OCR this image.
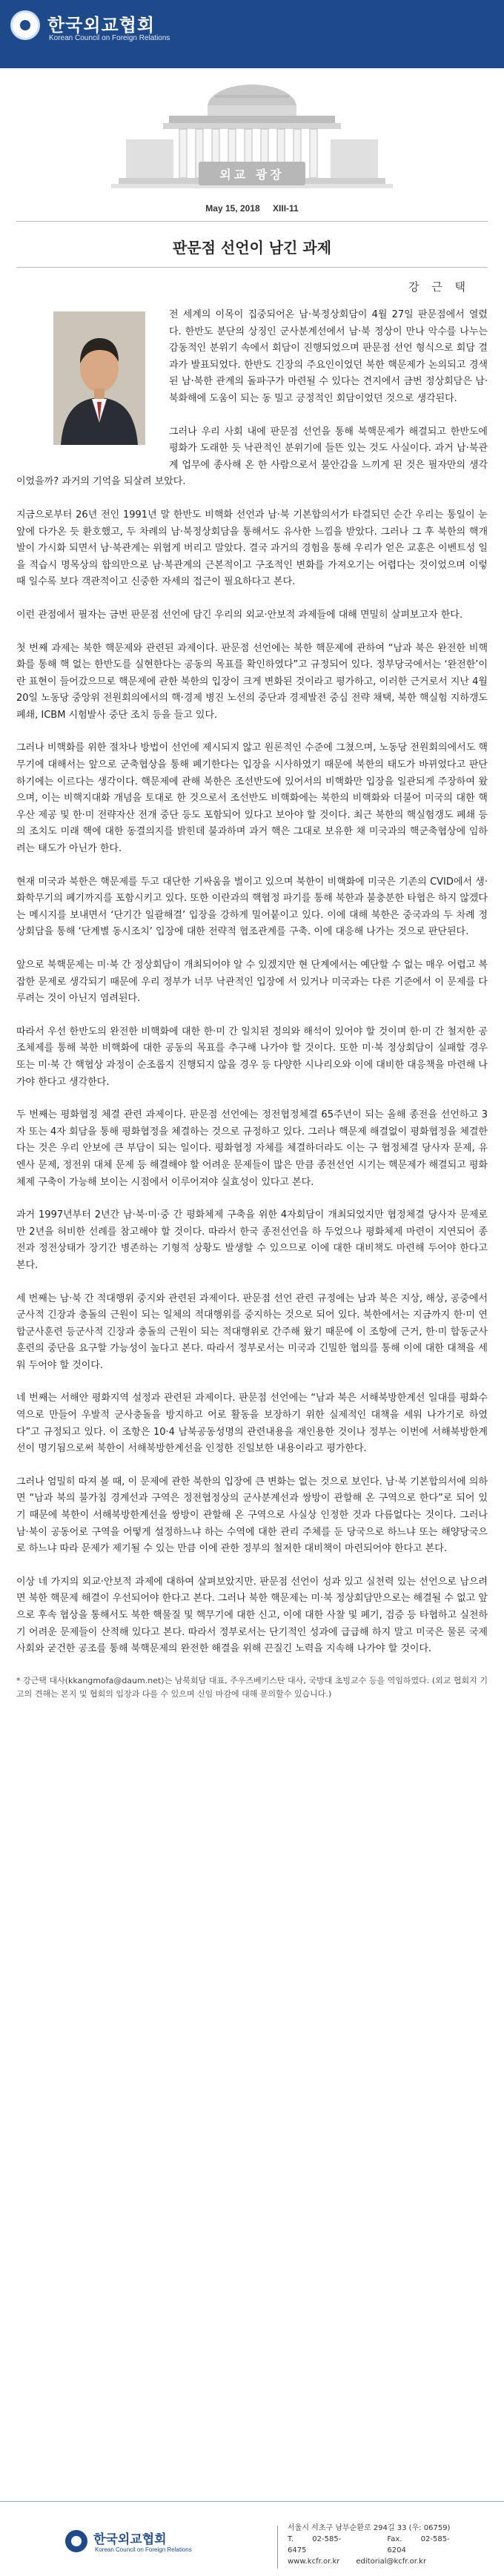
한국외교협회
Korean Council on Foreign Relations
외교 광장
May 15, 2018 XIII-11
판문점 선언이 남긴 과제
강 근 택

전 세계의 이목이 집중되어온 남·북정상회담이 4월 27일 판문점에서 열렸다. 한반도 분단의 상징인 군사분계선에서 남·북 정상이 만나 악수를 나누는 감동적인 분위기 속에서 회담이 진행되었으며 판문점 선언 형식으로 회담 결과가 발표되었다. 한반도 긴장의 주요인이었던 북한 핵문제가 논의되고 경색된 남·북한 관계의 돌파구가 마련될 수 있다는 견지에서 금번 정상회담은 남·북화해에 도움이 되는 동 밀고 긍정적인 회담이었던 것으로 생각된다.

그러나 우리 사회 내에 판문점 선언을 통해 북핵문제가 해결되고 한반도에 평화가 도래한 듯 낙관적인 분위기에 들뜬 있는 것도 사실이다. 과거 남·북관계 업무에 종사해 온 한 사람으로서 불안감을 느끼게 된 것은 필자만의 생각이었을까? 과거의 기억을 되살려 보았다.

지금으로부터 26년 전인 1991년 말 한반도 비핵화 선언과 남·북 기본합의서가 타결되던 순간 우리는 통일이 눈앞에 다가온 듯 환호했고, 두 차례의 남·북정상회담을 통해서도 유사한 느낌을 받았다. 그러나 그 후 북한의 핵개발이 가시화 되면서 남·북관계는 위협게 버리고 말았다. 결국 과거의 경험을 통해 우리가 얻은 교훈은 이벤트성 일을 적습시 명목상의 합의만으로 남·북관계의 근본적이고 구조적인 변화를 가져오기는 어렵다는 것이었으며 이렇 때 일수록 보다 객관적이고 신중한 자세의 접근이 필요하다고 본다.

이런 관점에서 필자는 금번 판문점 선언에 담긴 우리의 외교·안보적 과제들에 대해 면밀히 살펴보고자 한다.

첫 번째 과제는 북한 핵문제와 관련된 과제이다. 판문점 선언에는 북한 핵문제에 관하여 “남과 북은 완전한 비핵화를 통해 핵 없는 한반도를 실현한다는 공동의 목표를 확인하였다”고 규정되어 있다. 정부당국에서는 ‘완전한’이란 표현이 들어갔으므로 핵문제에 관한 북한의 입장이 크게 변화된 것이라고 평가하고, 이러한 근거로서 지난 4월 20일 노동당 중앙위 전원회의에서의 핵·경제 병진 노선의 중단과 경제발전 중심 전략 채택, 북한 핵실험 지하갱도 폐쇄, ICBM 시험발사 중단 조치 등을 들고 있다.

그러나 비핵화를 위한 절차나 방법이 선언에 제시되지 않고 원론적인 수준에 그쳤으며, 노동당 전원회의에서도 핵무기에 대해서는 앞으로 군축협상을 통해 폐기한다는 입장을 시사하였기 때문에 북한의 태도가 바뀌었다고 판단하기에는 이르다는 생각이다. 핵문제에 관해 북한은 조선반도에 있어서의 비핵화만 입장을 일관되게 주장하여 왔으며, 이는 비핵지대화 개념을 토대로 한 것으로서 조선반도 비핵화에는 북한의 비핵화와 더불어 미국의 대한 핵우산 제공 및 한·미 전략자산 전개 중단 등도 포함되어 있다고 보아야 할 것이다. 최근 북한의 핵실험갱도 폐쇄 등의 조치도 미래 핵에 대한 동결의지를 밝힌데 불과하며 과거 핵은 그대로 보유한 채 미국과의 핵군축협상에 임하려는 태도가 아닌가 한다.

현재 미국과 북한은 핵문제를 두고 대단한 기싸움을 벌이고 있으며 북한이 비핵화에 미국은 기존의 CVID에서 생·화학무기의 폐기까지를 포함시키고 있다. 또한 이란과의 핵협정 파기를 통해 북한과 불충분한 타협은 하지 않겠다는 메시지를 보내면서 ‘단기간 일괄해결’ 입장을 강하게 밀어붙이고 있다. 이에 대해 북한은 중국과의 두 차례 정상회담을 통해 ‘단계별 동시조치’ 입장에 대한 전략적 협조관계를 구축. 이에 대응해 나가는 것으로 판단된다.

앞으로 북핵문제는 미·북 간 정상회담이 개최되어야 알 수 있겠지만 현 단계에서는 예단할 수 없는 매우 어렵고 복잡한 문제로 생각되기 때문에 우리 정부가 너무 낙관적인 입장에 서 있거나 미국과는 다른 기준에서 이 문제를 다루려는 것이 아닌지 염려된다.

따라서 우선 한반도의 완전한 비핵화에 대한 한·미 간 일치된 정의와 해석이 있어야 할 것이며 한·미 간 철저한 공조체제를 통해 북한 비핵화에 대한 공동의 목표를 추구해 나가야 할 것이다. 또한 미·북 정상회담이 실패할 경우 또는 미·북 간 핵협상 과정이 순조롭지 진행되지 않을 경우 등 다양한 시나리오와 이에 대비한 대응책을 마련해 나가야 한다고 생각한다.

두 번째는 평화협정 체결 관련 과제이다. 판문점 선언에는 정전협정체결 65주년이 되는 올해 종전을 선언하고 3자 또는 4자 회담을 통해 평화협정을 체결하는 것으로 규정하고 있다. 그러나 핵문제 해결없이 평화협정을 체결한다는 것은 우리 안보에 큰 부담이 되는 일이다. 평화협정 자체를 체결하더라도 이는 구 협정체결 당사자 문제, 유엔사 문제, 정전위 대체 문제 등 해결해야 할 어려운 문제들이 많은 만큼 종전선언 시기는 핵문제가 해결되고 평화체제 구축이 가능해 보이는 시점에서 이루어져야 실효성이 있다고 본다.

과거 1997년부터 2년간 남·북·미·중 간 평화체제 구축을 위한 4자회담이 개최되었지만 협정체결 당사자 문제로만 2년을 허비한 선례를 참고해야 할 것이다. 따라서 한국 종전선언을 하 두었으나 평화체제 마련이 지연되어 종전과 정전상태가 장기간 병존하는 기형적 상황도 발생할 수 있으므로 이에 대한 대비책도 마련해 두어야 한다고 본다.

세 번째는 남·북 간 적대행위 중지와 관련된 과제이다. 판문점 선언 관련 규정에는 남과 북은 지상, 해상, 공중에서 군사적 긴장과 충돌의 근원이 되는 일체의 적대행위를 중지하는 것으로 되어 있다. 북한에서는 지금까지 한·미 연합군사훈련 등군사적 긴장과 충돌의 근원이 되는 적대행위로 간주해 왔기 때문에 이 조항에 근거, 한·미 합동군사훈련의 중단을 요구할 가능성이 높다고 본다. 따라서 정부로서는 미국과 긴밀한 협의를 통해 이에 대한 대책을 세워 두어야 할 것이다.

네 번째는 서해안 평화지역 설정과 관련된 과제이다. 판문점 선언에는 “남과 북은 서해북방한계선 일대를 평화수역으로 만들어 우발적 군사충돌을 방지하고 어로 활동을 보장하기 위한 실제적인 대책을 세워 나가기로 하였다”고 규정되고 있다. 이 조항은 10·4 남북공동성명의 관련내용을 재인용한 것이나 정부는 이번에 서해북방한계선이 명기됨으로써 북한이 서해북방한계선을 인정한 진일보한 내용이라고 평가한다.

그러나 엄밀히 따져 볼 때, 이 문제에 관한 북한의 입장에 큰 변화는 없는 것으로 보인다. 남·북 기본합의서에 의하면 “남과 북의 불가침 경계선과 구역은 정전협정상의 군사분계선과 쌍방이 관할해 온 구역으로 한다”로 되어 있기 때문에 북한이 서해북방한계선을 쌍방이 관할해 온 구역으로 사실상 인정한 것과 다름없다는 것이다. 그러나 남·북이 공동어로 구역을 어떻게 설정하느냐 하는 수역에 대한 관리 주체를 둔 당국으로 하느냐 또는 해양당국으로 하느냐 따라 문제가 제기될 수 있는 만큼 이에 관한 정부의 철저한 대비책이 마련되어야 한다고 본다.

이상 네 가지의 외교·안보적 과제에 대하여 살펴보았지만. 판문점 선언이 성과 있고 실천력 있는 선언으로 남으려면 북한 핵문제 해결이 우선되어야 한다고 본다. 그러나 북한 핵문제는 미·북 정상회담만으로는 해결될 수 없고 앞으로 후속 협상을 통해서도 북한 핵물질 및 핵무기에 대한 신고, 이에 대한 사찰 및 폐기, 검증 등 타협하고 실천하기 어려운 문제들이 산적해 있다고 본다. 따라서 정부로서는 단기적인 성과에 급급해 하지 말고 미국은 물론 국제사회와 굳건한 공조를 통해 북핵문제의 완전한 해결을 위해 끈질긴 노력을 지속해 나가야 할 것이다.

* 강근택 대사(kkangmofa@daum.net)는 남북회담 대표, 주우즈베키스탄 대사, 국방대 초빙교수 등을 역임하였다. (외교 협회지 기고의 견해는 본지 및 협회의 입장과 다를 수 있으며 신임 마감에 대해 문의할수 있습니다.)

한국외교협회
Korean Council on Foreign Relations
서울시 서초구 남부순환로 294길 33 (우: 06759)
T.	02-585-6475
Fax.	02-585-6204
www.kcfr.or.kr editorial@kcfr.or.kr
